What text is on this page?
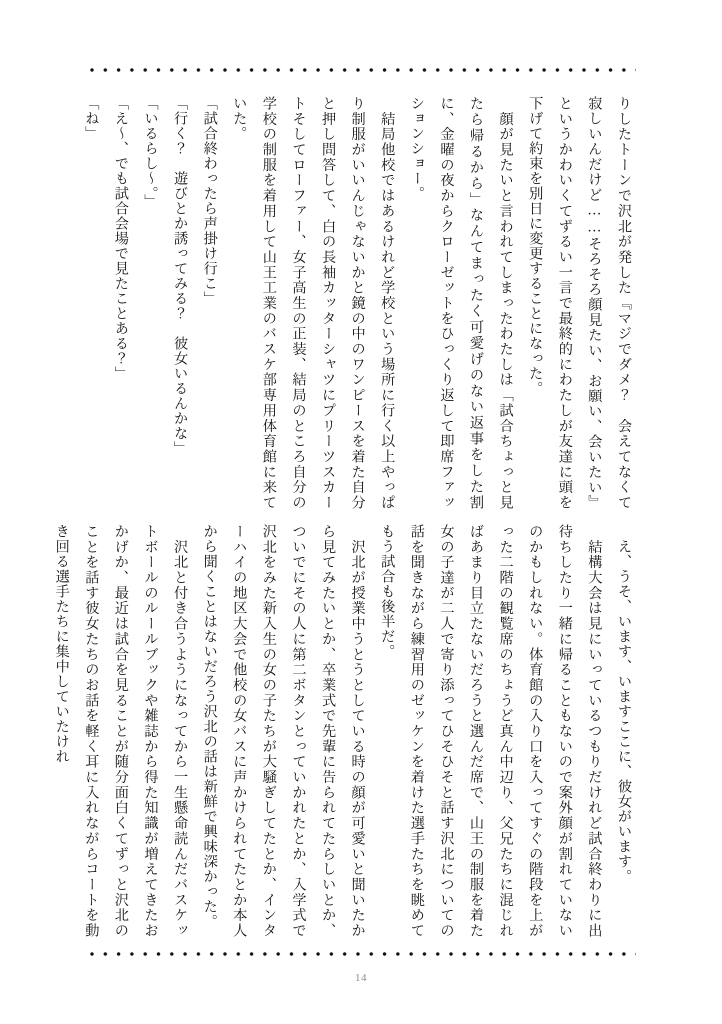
りしたトーンで沢北が発した『マジでダメ？　会えてなくて寂しいんだけど……そろそろ顔見たい、お願い、会いたい』というかわいくてずるい一言で最終的にわたしが友達に頭を下げて約束を別日に変更することになった。

　顔が見たいと言われてしまったわたしは「試合ちょっと見たら帰るから」なんてまったく可愛げのない返事をした割に、金曜の夜からクローゼットをひっくり返して即席ファッションショー。

　結局他校ではあるけれど学校という場所に行く以上やっぱり制服がいいんじゃないかと鏡の中のワンピースを着た自分と押し問答して、白の長袖カッターシャツにプリーツスカートそしてローファー、女子高生の正装、結局のところ自分の学校の制服を着用して山王工業のバスケ部専用体育館に来ていた。

「試合終わったら声掛け行こ」

「行く？　遊びとか誘ってみる？　彼女いるんかな」

「いるらし～。」

「え～、でも試合会場で見たことある？」

「ね」

　え、うそ、います、いますここに、彼女がいます。

　結構大会は見にいっているつもりだけれど試合終わりに出待ちしたり一緒に帰ることもないので案外顔が割れていないのかもしれない。体育館の入り口を入ってすぐの階段を上がった二階の観覧席のちょうど真ん中辺り、父兄たちに混じればあまり目立たないだろうと選んだ席で、山王の制服を着た女の子達が二人で寄り添ってひそひそと話す沢北についての話を聞きながら練習用のゼッケンを着けた選手たちを眺めてもう試合も後半だ。

　沢北が授業中うとうとしている時の顔が可愛いと聞いたから見てみたいとか、卒業式で先輩に告られてたらしいとか、ついでにその人に第二ボタンとっていかれたとか、入学式で沢北をみた新入生の女の子たちが大騒ぎしてたとか、インターハイの地区大会で他校の女バスに声かけられてたとか本人から聞くことはないだろう沢北の話は新鮮で興味深かった。

　沢北と付き合うようになってから一生懸命読んだバスケットボールのルールブックや雑誌から得た知識が増えてきたおかげか、最近は試合を見ることが随分面白くてずっと沢北のことを話す彼女たちのお話を軽く耳に入れながらコートを動き回る選手たちに集中していたけれ

14
